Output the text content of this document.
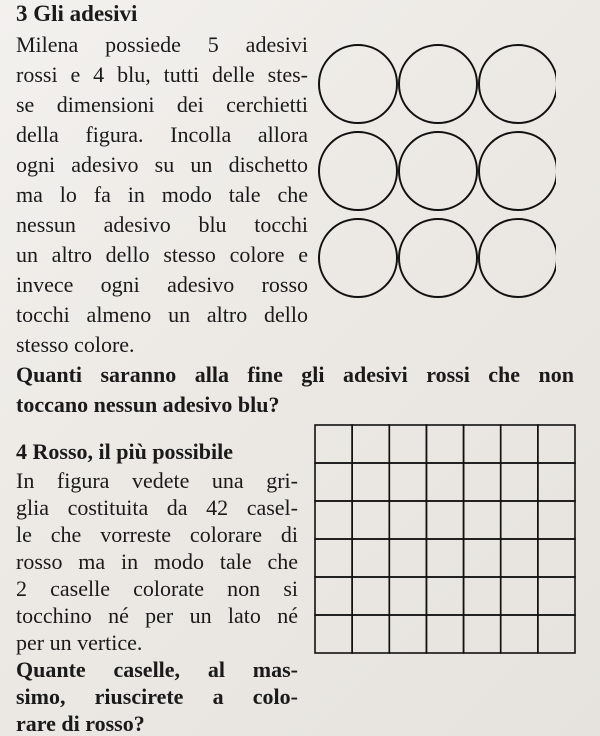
3 Gli adesivi
Milena possiede 5 adesivi
rossi e 4 blu, tutti delle stes-
se dimensioni dei cerchietti
della figura. Incolla allora
ogni adesivo su un dischetto
ma lo fa in modo tale che
nessun adesivo blu tocchi
un altro dello stesso colore e
invece ogni adesivo rosso
tocchi almeno un altro dello
stesso colore.
Quanti saranno alla fine gli adesivi rossi che non
toccano nessun adesivo blu?
4 Rosso, il più possibile
In figura vedete una gri-
glia costituita da 42 casel-
le che vorreste colorare di
rosso ma in modo tale che
2 caselle colorate non si
tocchino né per un lato né
per un vertice.
Quante caselle, al mas-
simo, riuscirete a colo-
rare di rosso?
